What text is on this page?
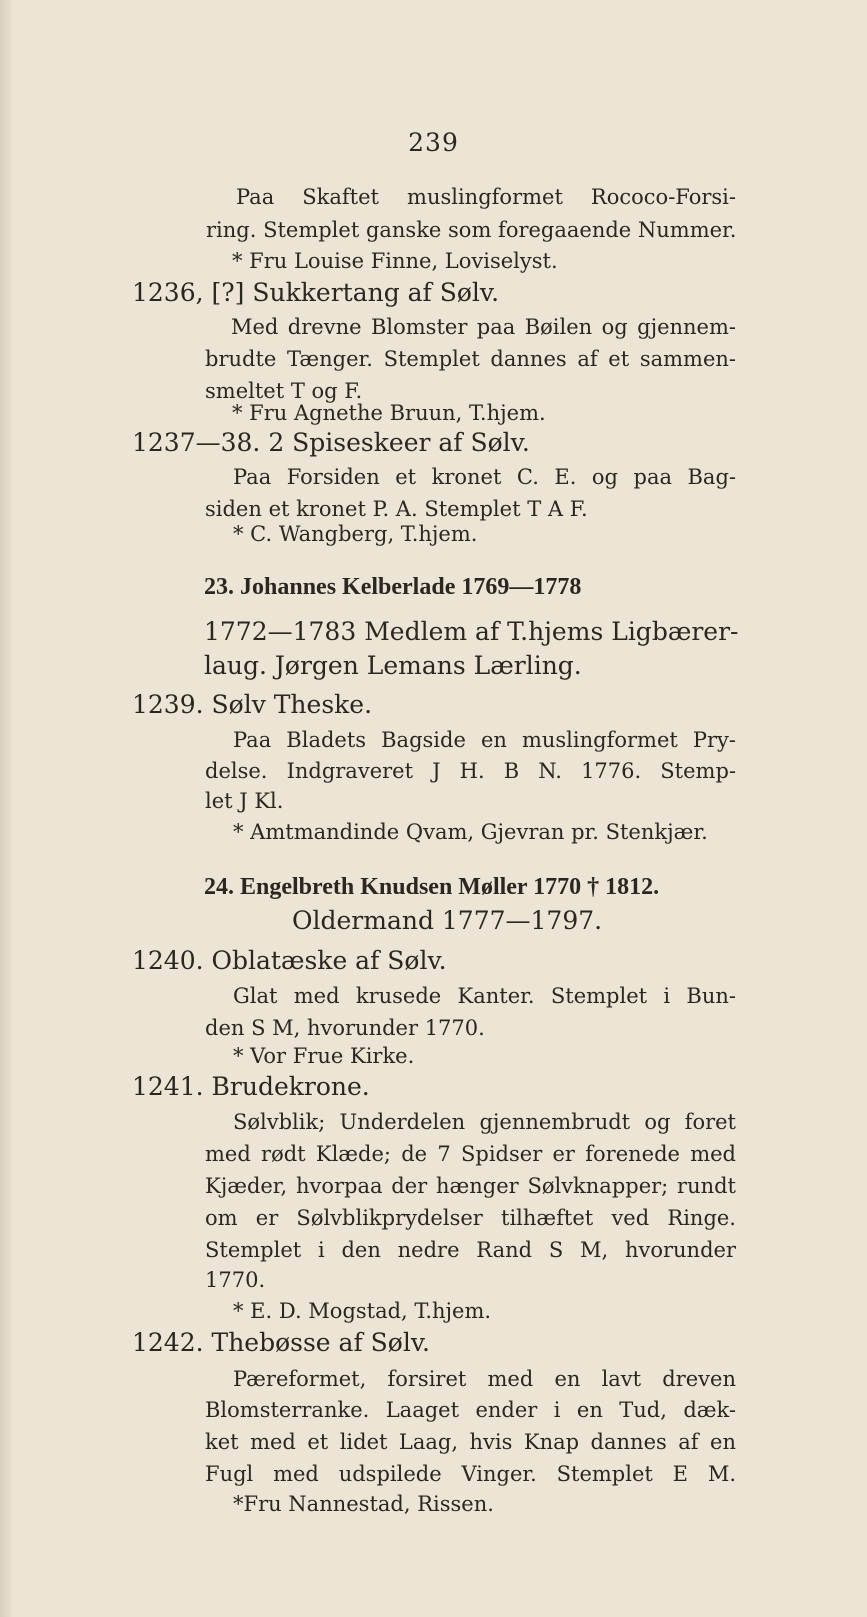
239
Paa Skaftet muslingformet Rococo-Forsi-
ring. Stemplet ganske som foregaaende Nummer.
* Fru Louise Finne, Loviselyst.
1236, [?] Sukkertang af Sølv.
Med drevne Blomster paa Bøilen og gjennem-
brudte Tænger. Stemplet dannes af et sammen-
smeltet T og F.
* Fru Agnethe Bruun, T.hjem.
1237—38. 2 Spiseskeer af Sølv.
Paa Forsiden et kronet C. E. og paa Bag-
siden et kronet P. A. Stemplet T A F.
* C. Wangberg, T.hjem.
23. Johannes Kelberlade 1769—1778
1772—1783 Medlem af T.hjems Ligbærer-
laug. Jørgen Lemans Lærling.
1239. Sølv Theske.
Paa Bladets Bagside en muslingformet Pry-
delse. Indgraveret J H. B N. 1776. Stemp-
let J Kl.
* Amtmandinde Qvam, Gjevran pr. Stenkjær.
24. Engelbreth Knudsen Møller 1770 † 1812.
Oldermand 1777—1797.
1240. Oblatæske af Sølv.
Glat med krusede Kanter. Stemplet i Bun-
den S M, hvorunder 1770.
* Vor Frue Kirke.
1241. Brudekrone.
Sølvblik; Underdelen gjennembrudt og foret
med rødt Klæde; de 7 Spidser er forenede med
Kjæder, hvorpaa der hænger Sølvknapper; rundt
om er Sølvblikprydelser tilhæftet ved Ringe.
Stemplet i den nedre Rand S M, hvorunder
1770.
* E. D. Mogstad, T.hjem.
1242. Thebøsse af Sølv.
Pæreformet, forsiret med en lavt dreven
Blomsterranke. Laaget ender i en Tud, dæk-
ket med et lidet Laag, hvis Knap dannes af en
Fugl med udspilede Vinger. Stemplet E M.
*Fru Nannestad, Rissen.
